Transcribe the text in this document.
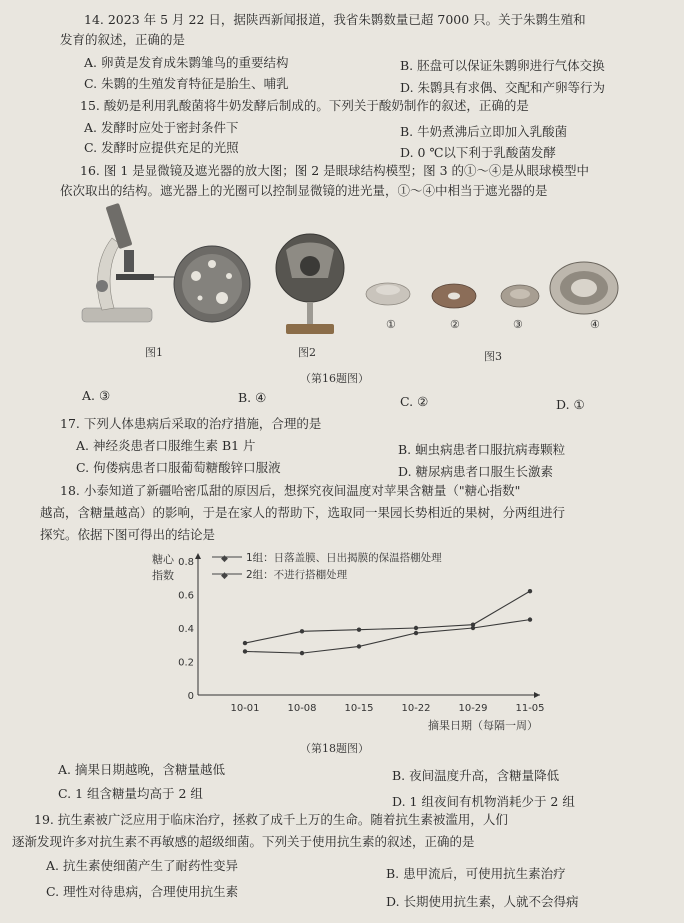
14. 2023 年 5 月 22 日，据陕西新闻报道，我省朱鹮数量已超 7000 只。关于朱鹮生殖和
发育的叙述，正确的是
A. 卵黄是发育成朱鹮雏鸟的重要结构	B. 胚盘可以保证朱鹮卵进行气体交换
C. 朱鹮的生殖发育特征是胎生、哺乳	D. 朱鹮具有求偶、交配和产卵等行为
15. 酸奶是利用乳酸菌将牛奶发酵后制成的。下列关于酸奶制作的叙述，正确的是
A. 发酵时应处于密封条件下	B. 牛奶煮沸后立即加入乳酸菌
C. 发酵时应提供充足的光照	D. 0 ℃以下利于乳酸菌发酵
16. 图 1 是显微镜及遮光器的放大图；图 2 是眼球结构模型；图 3 的①～④是从眼球模型中
依次取出的结构。遮光器上的光圈可以控制显微镜的进光量，①～④中相当于遮光器的是
①	②	③	④
图1	图2	图3
（第16题图）
A. ③	B. ④	C. ②	D. ①
17. 下列人体患病后采取的治疗措施，合理的是
A. 神经炎患者口服维生素 B1 片	B. 蛔虫病患者口服抗病毒颗粒
C. 佝偻病患者口服葡萄糖酸锌口服液	D. 糖尿病患者口服生长激素
18. 小泰知道了新疆哈密瓜甜的原因后，想探究夜间温度对苹果含糖量（"糖心指数"
越高，含糖量越高）的影响，于是在家人的帮助下，选取同一果园长势相近的果树，分两组进行
探究。依据下图可得出的结论是
糖心
指数
0
0.2
0.4
0.6
0.8
10-01	10-08	10-15	10-22	10-29	11-05
摘果日期（每隔一周）
◆ 1组：日落盖膜、日出揭膜的保温搭棚处理
◆ 2组：不进行搭棚处理
（第18题图）
A. 摘果日期越晚，含糖量越低	B. 夜间温度升高，含糖量降低
C. 1 组含糖量均高于 2 组
D. 1 组夜间有机物消耗少于 2 组
19. 抗生素被广泛应用于临床治疗，拯救了成千上万的生命。随着抗生素被滥用，人们
逐渐发现许多对抗生素不再敏感的超级细菌。下列关于使用抗生素的叙述，正确的是
A. 抗生素使细菌产生了耐药性变异
B. 患甲流后，可使用抗生素治疗
C. 理性对待患病，合理使用抗生素
D. 长期使用抗生素，人就不会得病
